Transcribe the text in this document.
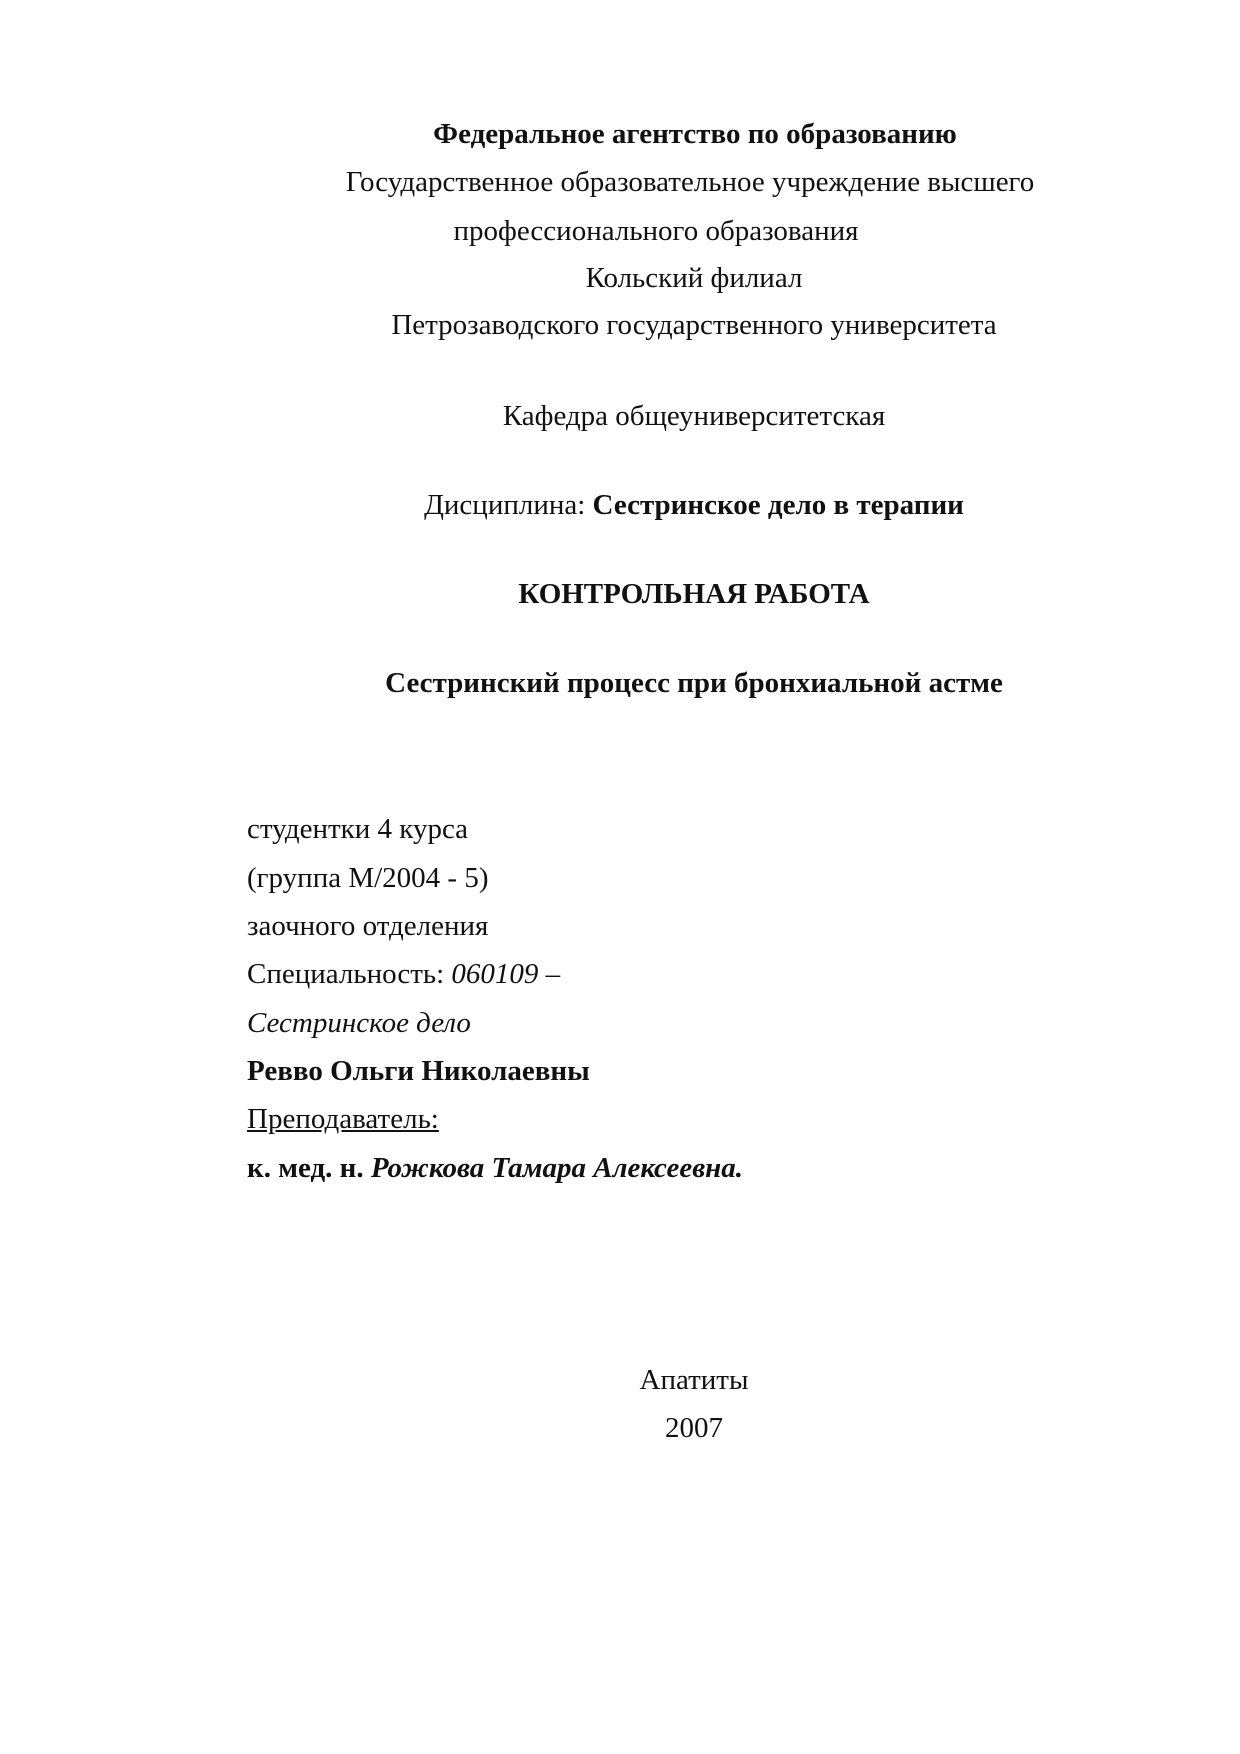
Федеральное агентство по образованию
Государственное образовательное учреждение высшего
профессионального образования
Кольский филиал
Петрозаводского государственного университета
Кафедра общеуниверситетская
Дисциплина: Сестринское дело в терапии
КОНТРОЛЬНАЯ РАБОТА
Сестринский процесс при бронхиальной астме
студентки 4 курса
(группа М/2004 - 5)
заочного отделения
Специальность: 060109 –
Сестринское дело
Ревво Ольги Николаевны
Преподаватель:
к. мед. н. Рожкова Тамара Алексеевна.
Апатиты
2007
